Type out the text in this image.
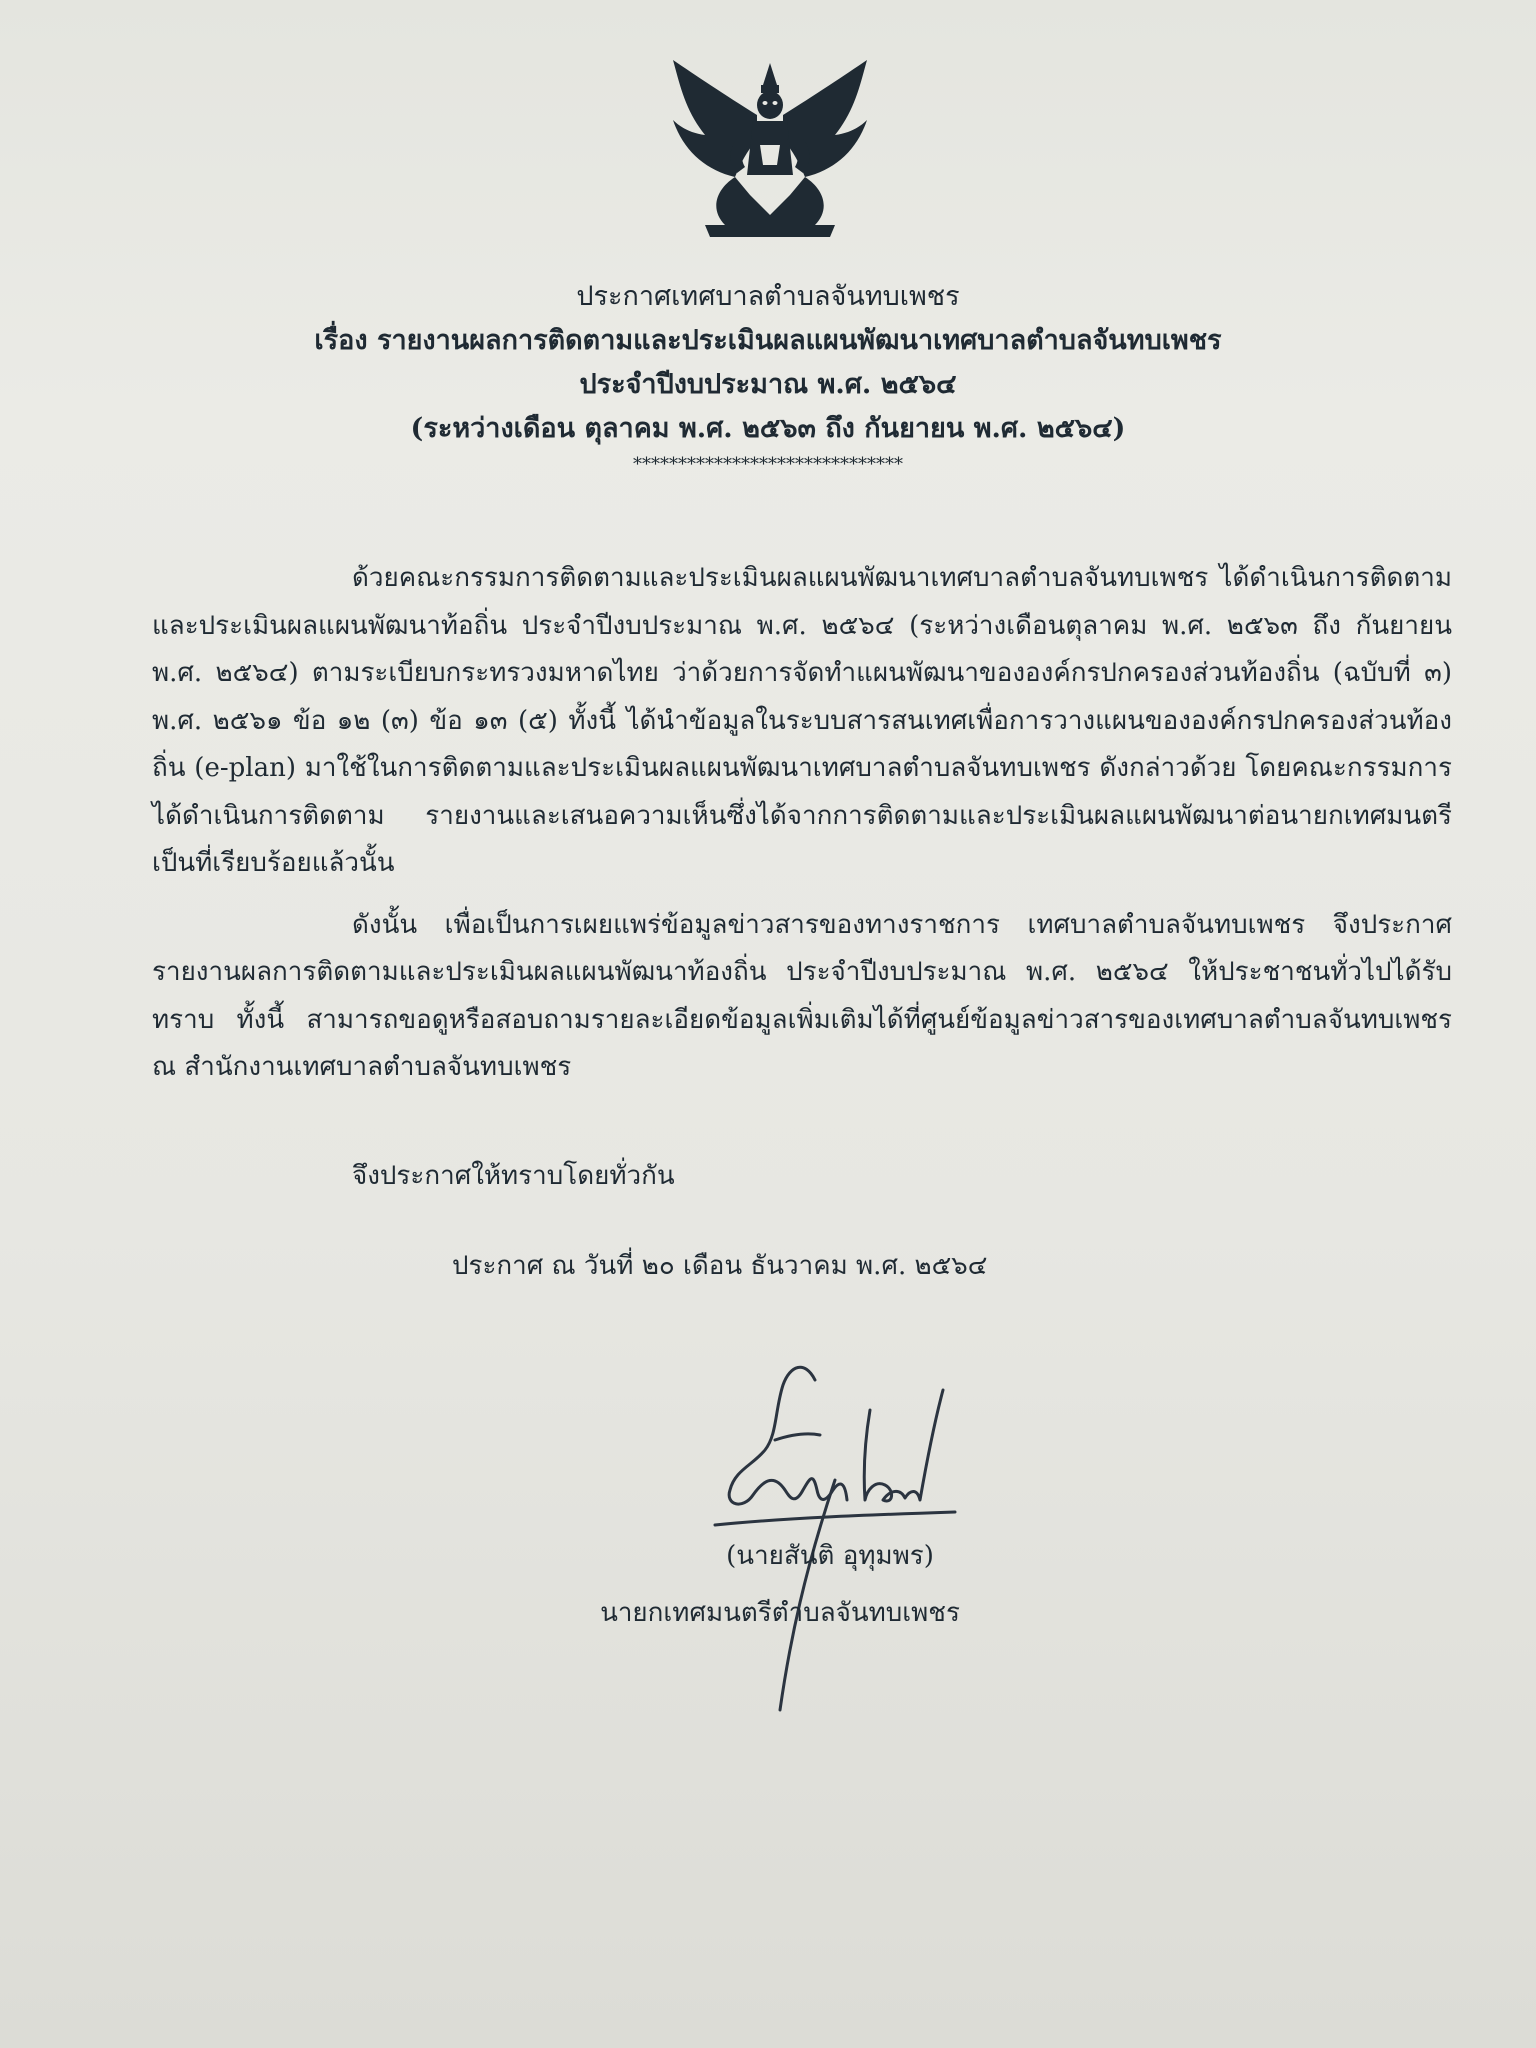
ประกาศเทศบาลตำบลจันทบเพชร
เรื่อง รายงานผลการติดตามและประเมินผลแผนพัฒนาเทศบาลตำบลจันทบเพชร
ประจำปีงบประมาณ พ.ศ. ๒๕๖๔
(ระหว่างเดือน ตุลาคม พ.ศ. ๒๕๖๓ ถึง กันยายน พ.ศ. ๒๕๖๔)
******************************

ด้วยคณะกรรมการติดตามและประเมินผลแผนพัฒนาเทศบาลตำบลจันทบเพชร ได้ดำเนินการติดตามและประเมินผลแผนพัฒนาท้อถิ่น ประจำปีงบประมาณ พ.ศ. ๒๕๖๔ (ระหว่างเดือนตุลาคม พ.ศ. ๒๕๖๓ ถึง กันยายน พ.ศ. ๒๕๖๔) ตามระเบียบกระทรวงมหาดไทย ว่าด้วยการจัดทำแผนพัฒนาขององค์กรปกครองส่วนท้องถิ่น (ฉบับที่ ๓) พ.ศ. ๒๕๖๑ ข้อ ๑๒ (๓) ข้อ ๑๓ (๕) ทั้งนี้ ได้นำข้อมูลในระบบสารสนเทศเพื่อการวางแผนขององค์กรปกครองส่วนท้องถิ่น (e-plan) มาใช้ในการติดตามและประเมินผลแผนพัฒนาเทศบาลตำบลจันทบเพชร ดังกล่าวด้วย โดยคณะกรรมการได้ดำเนินการติดตาม รายงานและเสนอความเห็นซึ่งได้จากการติดตามและประเมินผลแผนพัฒนาต่อนายกเทศมนตรีเป็นที่เรียบร้อยแล้วนั้น

ดังนั้น เพื่อเป็นการเผยแพร่ข้อมูลข่าวสารของทางราชการ เทศบาลตำบลจันทบเพชร จึงประกาศรายงานผลการติดตามและประเมินผลแผนพัฒนาท้องถิ่น ประจำปีงบประมาณ พ.ศ. ๒๕๖๔ ให้ประชาชนทั่วไปได้รับทราบ ทั้งนี้ สามารถขอดูหรือสอบถามรายละเอียดข้อมูลเพิ่มเติมได้ที่ศูนย์ข้อมูลข่าวสารของเทศบาลตำบลจันทบเพชร ณ สำนักงานเทศบาลตำบลจันทบเพชร

จึงประกาศให้ทราบโดยทั่วกัน
ประกาศ ณ วันที่ ๒๐ เดือน ธันวาคม พ.ศ. ๒๕๖๔
(นายสันติ อุทุมพร)
นายกเทศมนตรีตำบลจันทบเพชร
